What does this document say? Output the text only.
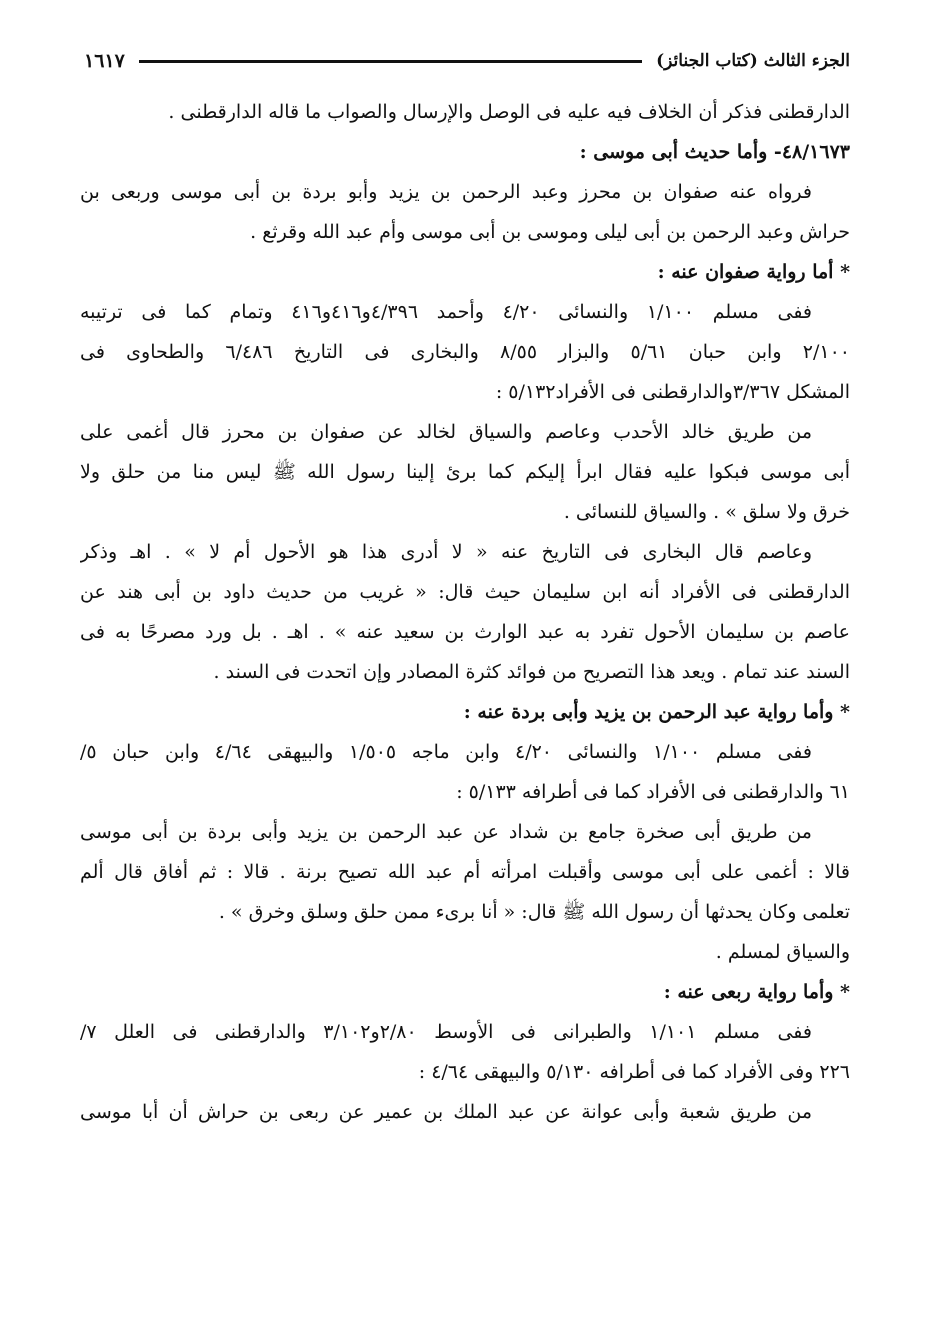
الجزء الثالث (كتاب الجنائز)
١٦١٧
الدارقطنى فذكر أن الخلاف فيه عليه فى الوصل والإرسال والصواب ما قاله الدارقطنى .
٤٨/١٦٧٣- وأما حديث أبى موسى :
فرواه عنه صفوان بن محرز وعبد الرحمن بن يزيد وأبو بردة بن أبى موسى وربعى بن
حراش وعبد الرحمن بن أبى ليلى وموسى بن أبى موسى وأم عبد الله وقرثع .
* أما رواية صفوان عنه :
ففى مسلم ١/١٠٠ والنسائى ٤/٢٠ وأحمد ٤/٣٩٦و٤١٦و٤١٦ وتمام كما فى ترتيبه
٢/١٠٠ وابن حبان ٥/٦١ والبزار ٨/٥٥ والبخارى فى التاريخ ٦/٤٨٦ والطحاوى فى
المشكل ٣/٣٦٧والدارقطنى فى الأفراد٥/١٣٢ :
من طريق خالد الأحدب وعاصم والسياق لخالد عن صفوان بن محرز قال أغمى على
أبى موسى فبكوا عليه فقال ابرأ إليكم كما برئ إلينا رسول الله ﷺ ليس منا من حلق ولا
خرق ولا سلق » . والسياق للنسائى .
وعاصم قال البخارى فى التاريخ عنه « لا أدرى هذا هو الأحول أم لا » . اهـ وذكر
الدارقطنى فى الأفراد أنه ابن سليمان حيث قال: « غريب من حديث داود بن أبى هند عن
عاصم بن سليمان الأحول تفرد به عبد الوارث بن سعيد عنه » . اهـ . بل ورد مصرحًا به فى
السند عند تمام . ويعد هذا التصريح من فوائد كثرة المصادر وإن اتحدت فى السند .
* وأما رواية عبد الرحمن بن يزيد وأبى بردة عنه :
ففى مسلم ١/١٠٠ والنسائى ٤/٢٠ وابن ماجه ١/٥٠٥ والبيهقى ٤/٦٤ وابن حبان ٥/
٦١ والدارقطنى فى الأفراد كما فى أطرافه ٥/١٣٣ :
من طريق أبى صخرة جامع بن شداد عن عبد الرحمن بن يزيد وأبى بردة بن أبى موسى
قالا : أغمى على أبى موسى وأقبلت امرأته أم عبد الله تصيح برنة . قالا : ثم أفاق قال ألم
تعلمى وكان يحدثها أن رسول الله ﷺ قال: « أنا برىء ممن حلق وسلق وخرق » .
والسياق لمسلم .
* وأما رواية ربعى عنه :
ففى مسلم ١/١٠١ والطبرانى فى الأوسط ٢/٨٠و٣/١٠٢ والدارقطنى فى العلل ٧/
٢٢٦ وفى الأفراد كما فى أطرافه ٥/١٣٠ والبيهقى ٤/٦٤ :
من طريق شعبة وأبى عوانة عن عبد الملك بن عمير عن ربعى بن حراش أن أبا موسى
